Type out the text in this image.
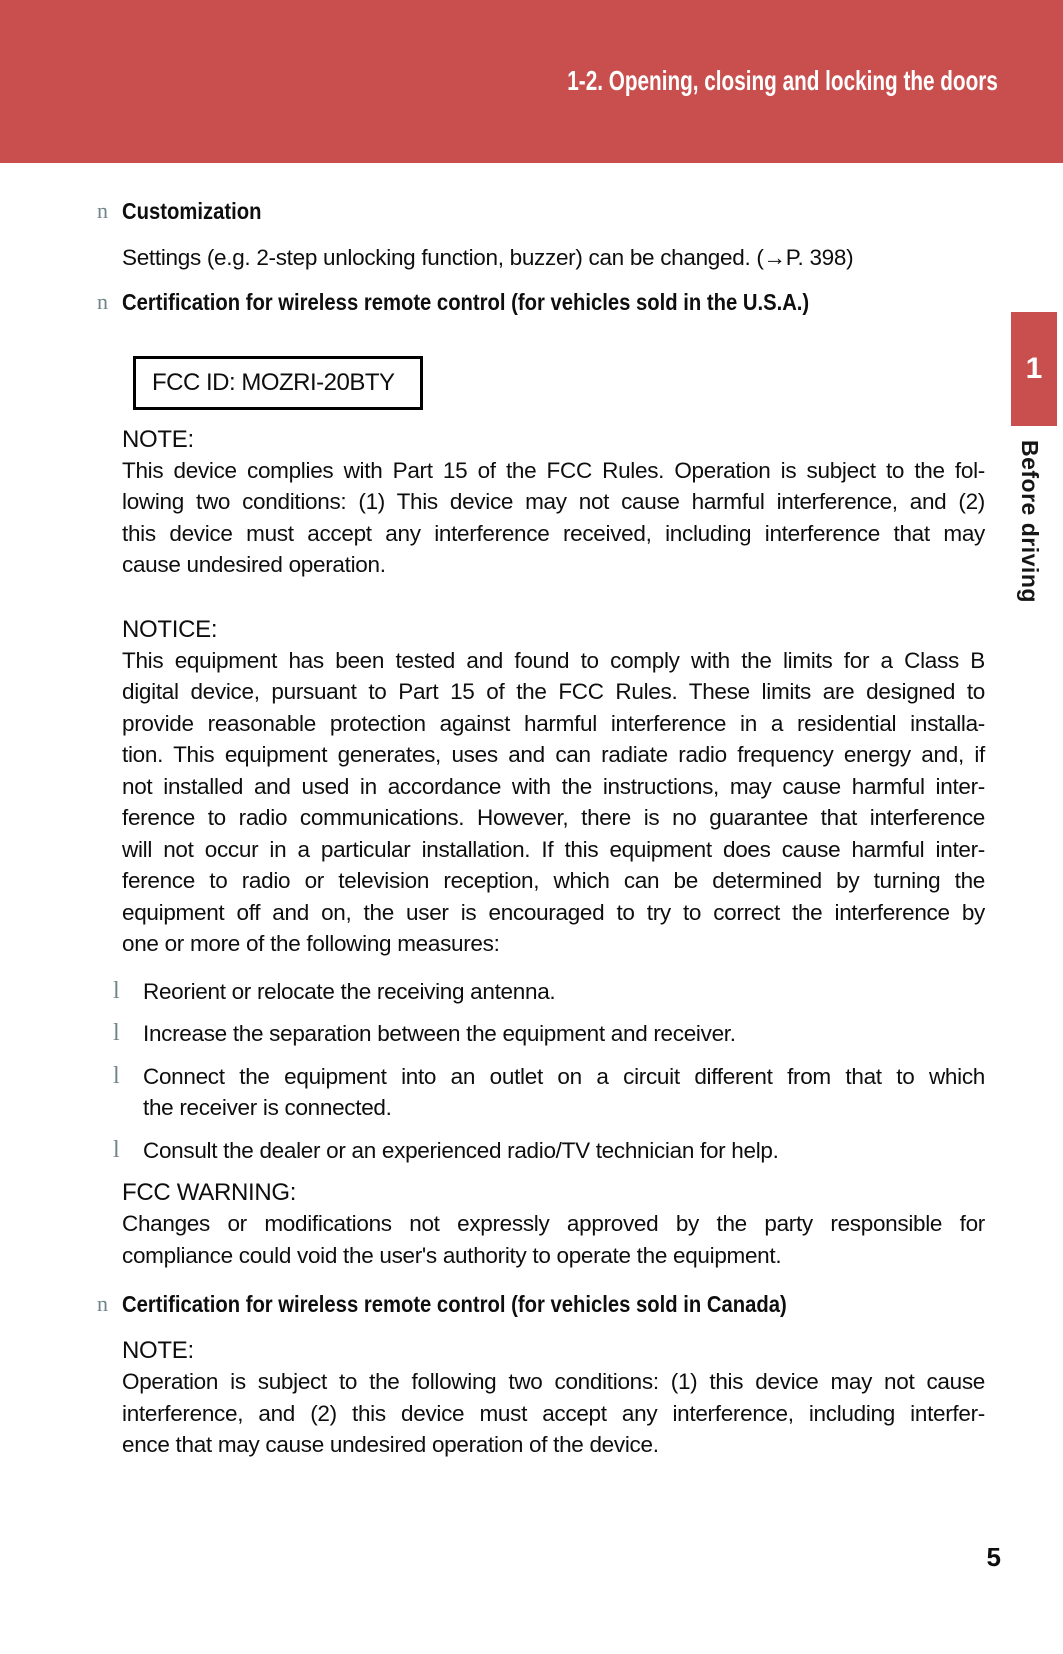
1-2. Opening, closing and locking the doors
1
Before driving
n Customization
Settings (e.g. 2-step unlocking function, buzzer) can be changed. (→P. 398)
n Certification for wireless remote control (for vehicles sold in the U.S.A.)
FCC ID: MOZRI-20BTY
NOTE:
This device complies with Part 15 of the FCC Rules. Operation is subject to the fol-
lowing two conditions: (1) This device may not cause harmful interference, and (2)
this device must accept any interference received, including interference that may
cause undesired operation.
NOTICE:
This equipment has been tested and found to comply with the limits for a Class B
digital device, pursuant to Part 15 of the FCC Rules. These limits are designed to
provide reasonable protection against harmful interference in a residential installa-
tion. This equipment generates, uses and can radiate radio frequency energy and, if
not installed and used in accordance with the instructions, may cause harmful inter-
ference to radio communications. However, there is no guarantee that interference
will not occur in a particular installation. If this equipment does cause harmful inter-
ference to radio or television reception, which can be determined by turning the
equipment off and on, the user is encouraged to try to correct the interference by
one or more of the following measures:
l	Reorient or relocate the receiving antenna.
l	Increase the separation between the equipment and receiver.
l	Connect the equipment into an outlet on a circuit different from that to which
the receiver is connected.
l	Consult the dealer or an experienced radio/TV technician for help.
FCC WARNING:
Changes or modifications not expressly approved by the party responsible for
compliance could void the user's authority to operate the equipment.
n Certification for wireless remote control (for vehicles sold in Canada)
NOTE:
Operation is subject to the following two conditions: (1) this device may not cause
interference, and (2) this device must accept any interference, including interfer-
ence that may cause undesired operation of the device.
5
